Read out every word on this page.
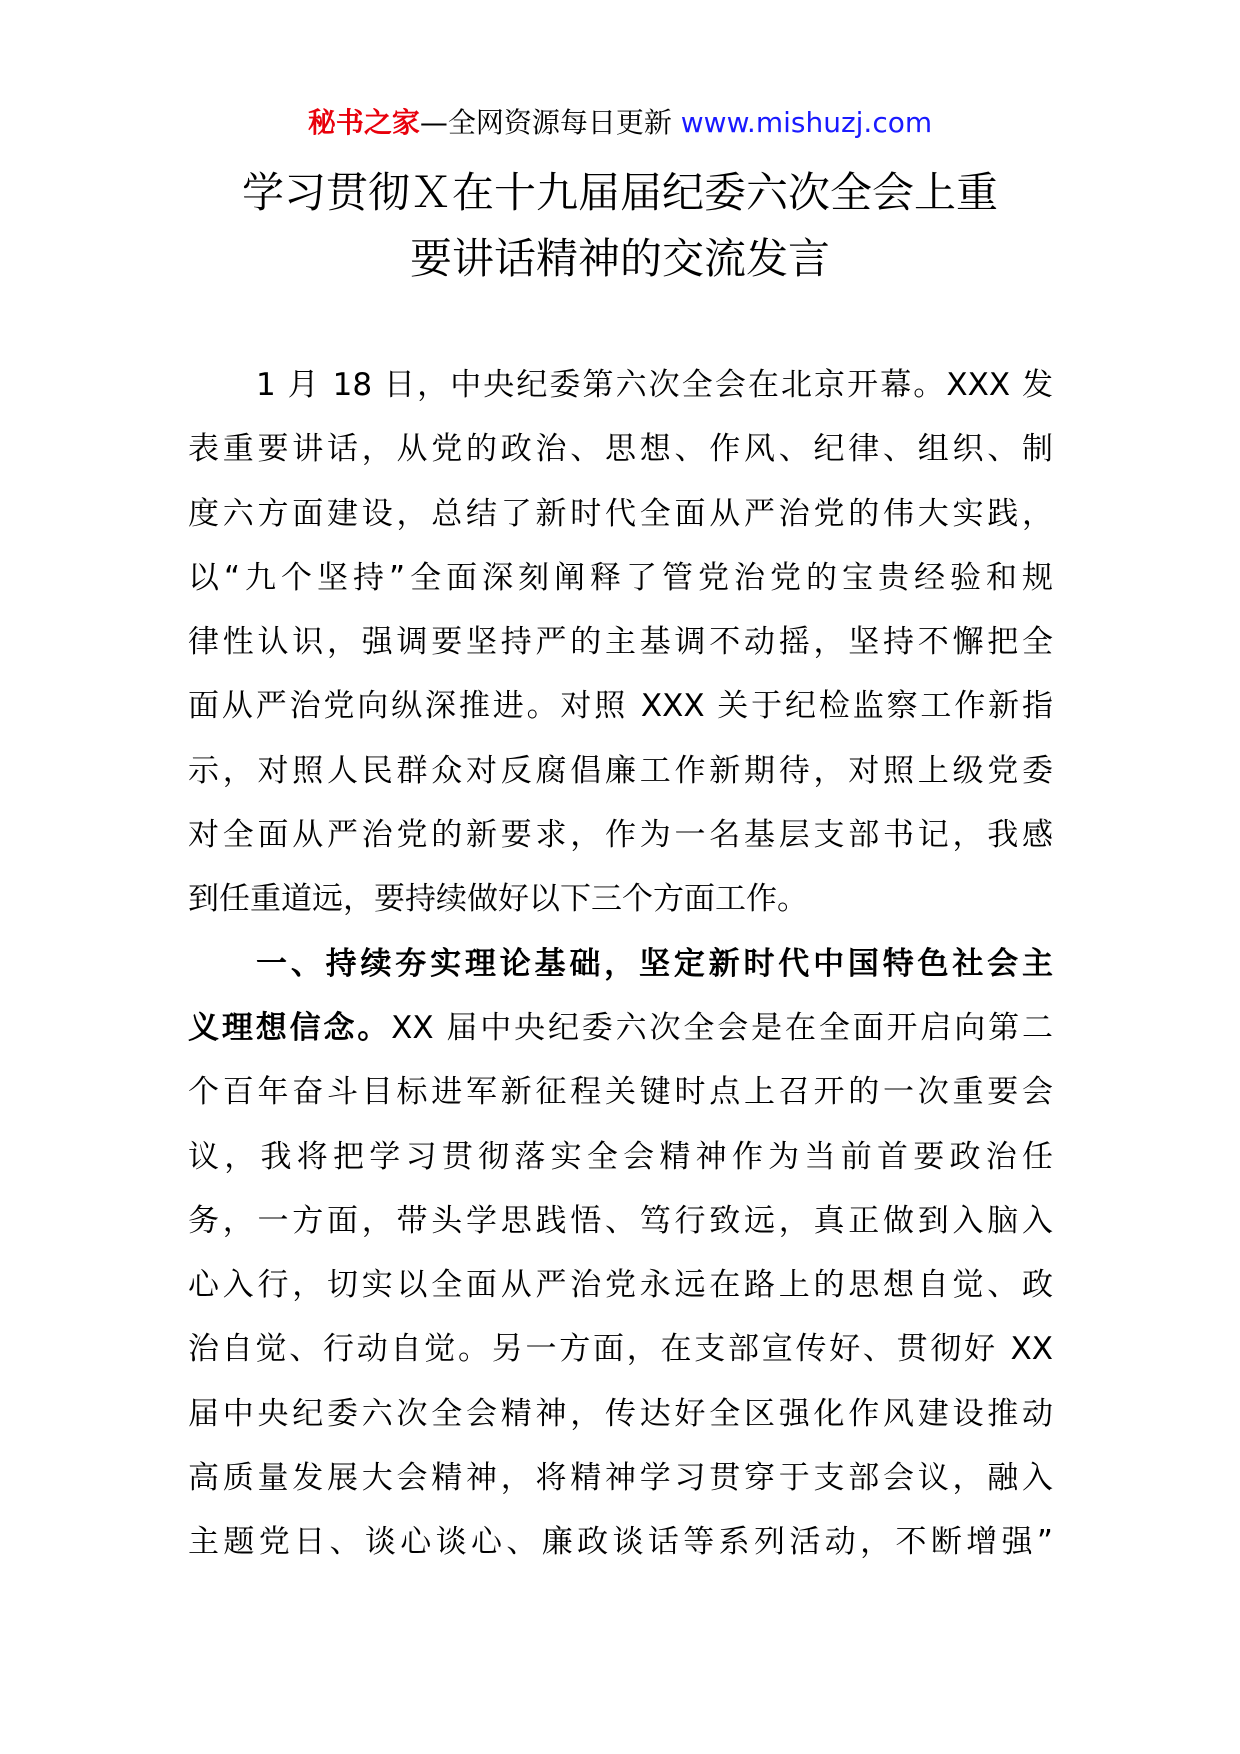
秘书之家—全网资源每日更新 www.mishuzj.com
学习贯彻Ｘ在十九届届纪委六次全会上重
要讲话精神的交流发言
1 月 18 日，中央纪委第六次全会在北京开幕。XXX 发
表重要讲话，从党的政治、思想、作风、纪律、组织、制
度六方面建设，总结了新时代全面从严治党的伟大实践，
以“九个坚持”全面深刻阐释了管党治党的宝贵经验和规
律性认识，强调要坚持严的主基调不动摇，坚持不懈把全
面从严治党向纵深推进。对照 XXX 关于纪检监察工作新指
示，对照人民群众对反腐倡廉工作新期待，对照上级党委
对全面从严治党的新要求，作为一名基层支部书记，我感
到任重道远，要持续做好以下三个方面工作。
一、持续夯实理论基础，坚定新时代中国特色社会主
义理想信念。XX 届中央纪委六次全会是在全面开启向第二
个百年奋斗目标进军新征程关键时点上召开的一次重要会
议，我将把学习贯彻落实全会精神作为当前首要政治任
务，一方面，带头学思践悟、笃行致远，真正做到入脑入
心入行，切实以全面从严治党永远在路上的思想自觉、政
治自觉、行动自觉。另一方面，在支部宣传好、贯彻好 XX
届中央纪委六次全会精神，传达好全区强化作风建设推动
高质量发展大会精神，将精神学习贯穿于支部会议，融入
主题党日、谈心谈心、廉政谈话等系列活动，不断增强”
